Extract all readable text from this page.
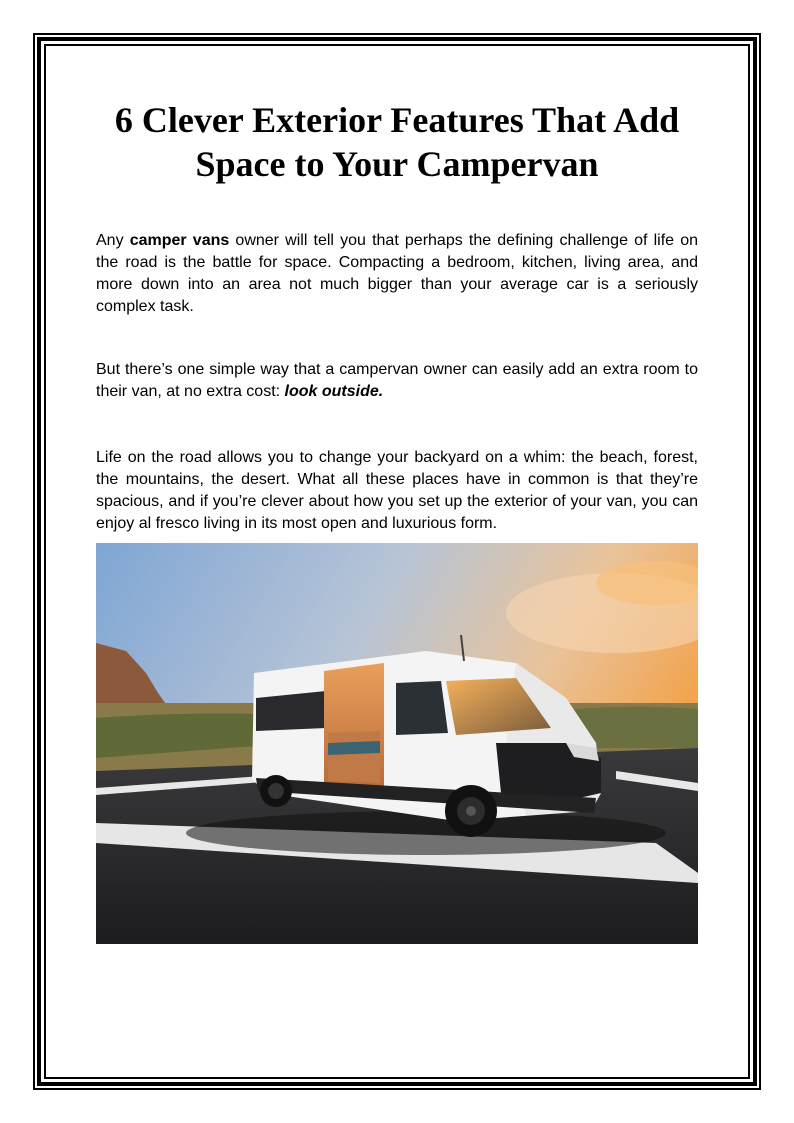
6 Clever Exterior Features That Add Space to Your Campervan

Any camper vans owner will tell you that perhaps the defining challenge of life on the road is the battle for space. Compacting a bedroom, kitchen, living area, and more down into an area not much bigger than your average car is a seriously complex task.

But there’s one simple way that a campervan owner can easily add an extra room to their van, at no extra cost: look outside.

Life on the road allows you to change your backyard on a whim: the beach, forest, the mountains, the desert. What all these places have in common is that they’re spacious, and if you’re clever about how you set up the exterior of your van, you can enjoy al fresco living in its most open and luxurious form.
